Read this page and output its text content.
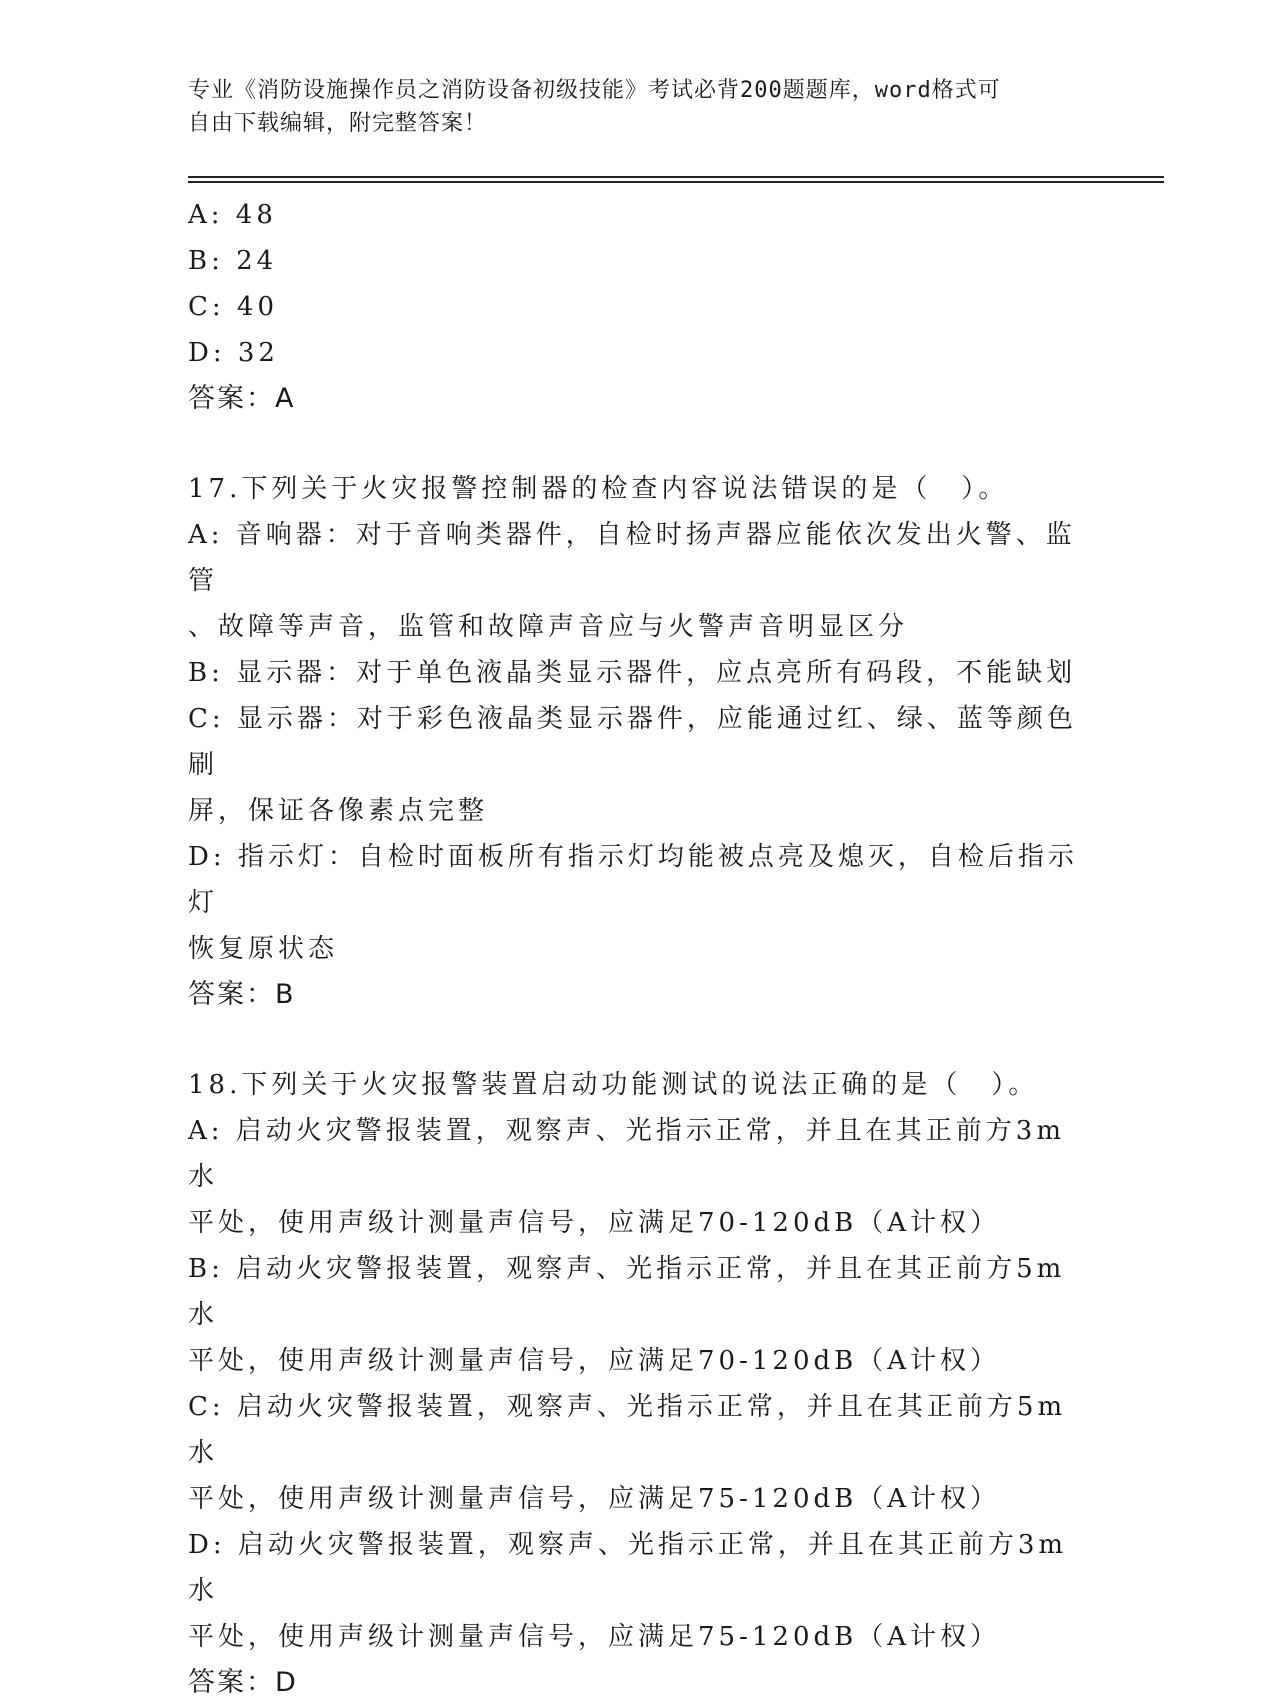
专业《消防设施操作员之消防设备初级技能》考试必背200题题库，word格式可
自由下载编辑，附完整答案！
A: 48
B: 24
C: 40
D: 32
答案：A
17.下列关于火灾报警控制器的检查内容说法错误的是（　）。
A: 音响器：对于音响类器件，自检时扬声器应能依次发出火警、监管
、故障等声音，监管和故障声音应与火警声音明显区分
B: 显示器：对于单色液晶类显示器件，应点亮所有码段，不能缺划
C: 显示器：对于彩色液晶类显示器件，应能通过红、绿、蓝等颜色刷
屏，保证各像素点完整
D: 指示灯：自检时面板所有指示灯均能被点亮及熄灭，自检后指示灯
恢复原状态
答案：B
18.下列关于火灾报警装置启动功能测试的说法正确的是（　）。
A: 启动火灾警报装置，观察声、光指示正常，并且在其正前方3m水
平处，使用声级计测量声信号，应满足70-120dB（A计权）
B: 启动火灾警报装置，观察声、光指示正常，并且在其正前方5m水
平处，使用声级计测量声信号，应满足70-120dB（A计权）
C: 启动火灾警报装置，观察声、光指示正常，并且在其正前方5m水
平处，使用声级计测量声信号，应满足75-120dB（A计权）
D: 启动火灾警报装置，观察声、光指示正常，并且在其正前方3m水
平处，使用声级计测量声信号，应满足75-120dB（A计权）
答案：D
